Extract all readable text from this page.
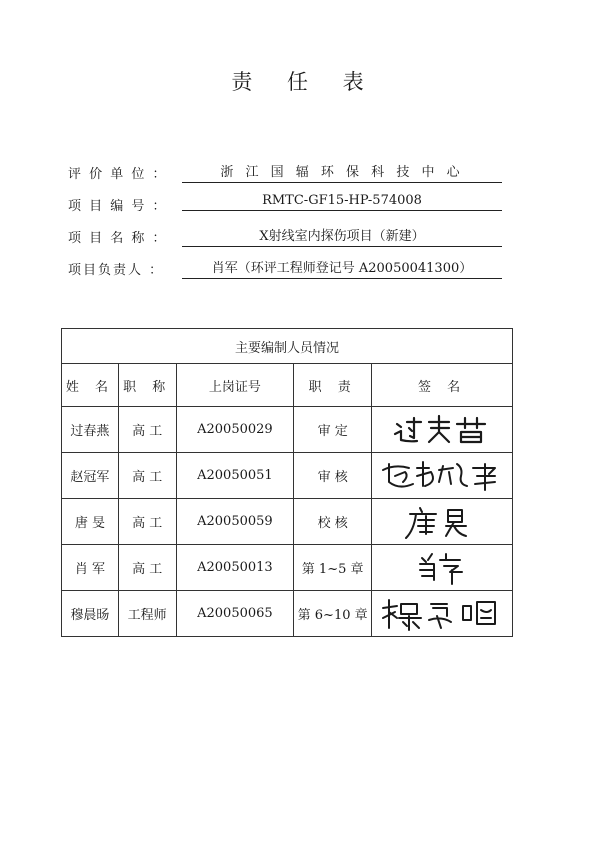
责 任 表
评 价 单 位 ：	浙 江 国 辐 环 保 科 技 中 心
项 目 编 号 ：	RMTC-GF15-HP-574008
项 目 名 称 ：	X射线室内探伤项目（新建）
项目负责人 ：	肖军（环评工程师登记号 A20050041300）
主要编制人员情况				
姓 名	职 称	上岗证号	职 责	签 名
过春燕	高 工	A20050029	审 定	

赵冠军	高 工	A20050051	审 核	

唐 旻	高 工	A20050059	校 核	

肖 军	高 工	A20050013	第 1~5 章	

穆晨旸	工程师	A20050065	第 6~10 章	
